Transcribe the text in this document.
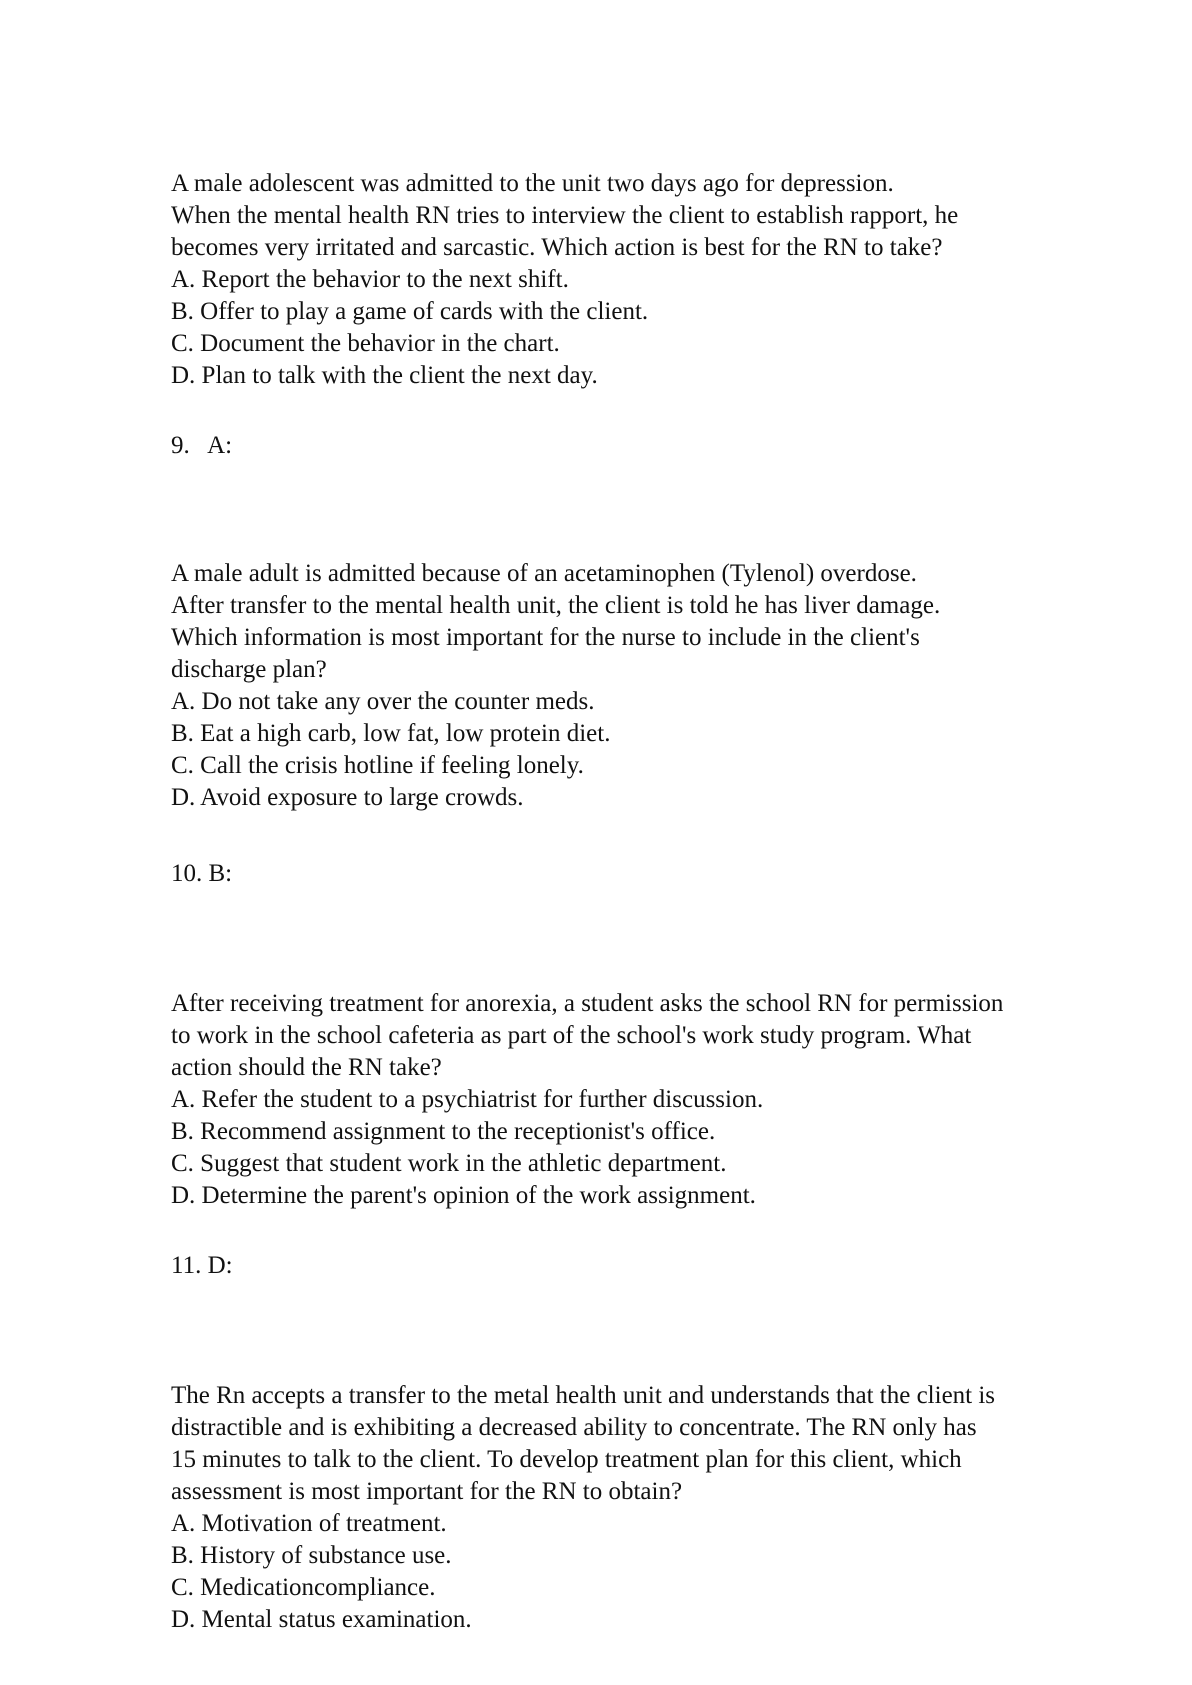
A male adolescent was admitted to the unit two days ago for depression.

When the mental health RN tries to interview the client to establish rapport, he

becomes very irritated and sarcastic. Which action is best for the RN to take?

A. Report the behavior to the next shift.

B. Offer to play a game of cards with the client.

C. Document the behavior in the chart.

D. Plan to talk with the client the next day.

9.   A:

A male adult is admitted because of an acetaminophen (Tylenol) overdose.

After transfer to the mental health unit, the client is told he has liver damage.

Which information is most important for the nurse to include in the client's

discharge plan?

A. Do not take any over the counter meds.

B. Eat a high carb, low fat, low protein diet.

C. Call the crisis hotline if feeling lonely.

D. Avoid exposure to large crowds.

10. B:

After receiving treatment for anorexia, a student asks the school RN for permission

to work in the school cafeteria as part of the school's work study program. What

action should the RN take?

A. Refer the student to a psychiatrist for further discussion.

B. Recommend assignment to the receptionist's office.

C. Suggest that student work in the athletic department.

D. Determine the parent's opinion of the work assignment.

11. D:

The Rn accepts a transfer to the metal health unit and understands that the client is

distractible and is exhibiting a decreased ability to concentrate. The RN only has

15 minutes to talk to the client. To develop treatment plan for this client, which

assessment is most important for the RN to obtain?

A. Motivation of treatment.

B. History of substance use.

C. Medicationcompliance.

D. Mental status examination.
